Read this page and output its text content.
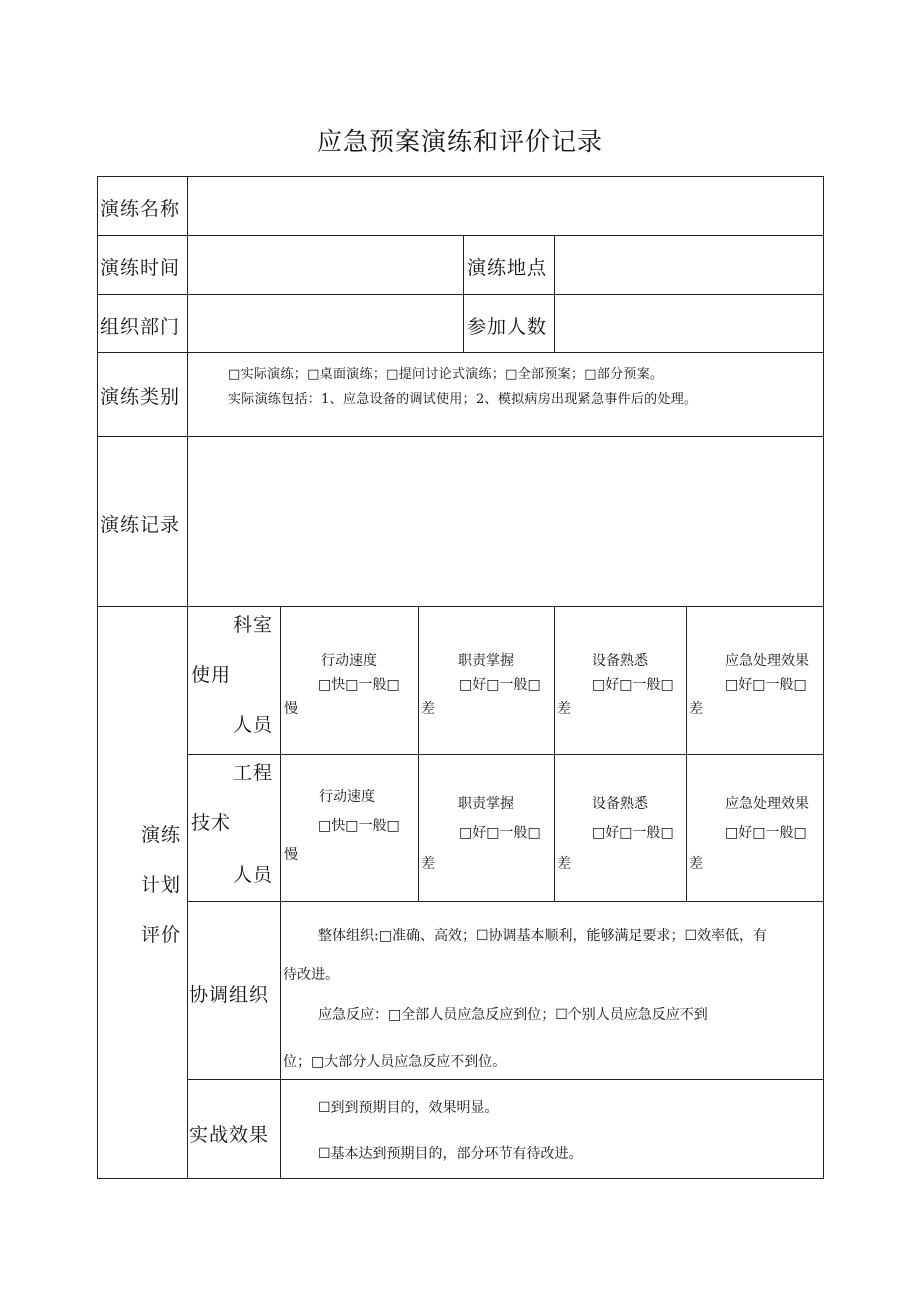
应急预案演练和评价记录
演练名称
演练时间	演练地点
组织部门	参加人数
演练类别
□实际演练；□桌面演练；□提问讨论式演练；□全部预案；□部分预案。
实际演练包括：1、应急设备的调试使用；2、模拟病房出现紧急事件后的处理。
演练记录
演练
计划
评价
科室
使用
人员
行动速度
□快□一般□
慢
职责掌握
□好□一般□
差
设备熟悉
□好□一般□
差
应急处理效果
□好□一般□
差
工程
技术
人员
行动速度
□快□一般□
慢
职责掌握
□好□一般□
差
设备熟悉
□好□一般□
差
应急处理效果
□好□一般□
差
协调组织
整体组织:□准确、高效；☐协调基本顺利，能够满足要求；☐效率低，有
待改进。
应急反应：□全部人员应急反应到位；☐个别人员应急反应不到
位；□大部分人员应急反应不到位。
实战效果
☐到到预期目的，效果明显。
☐基本达到预期目的，部分环节有待改进。
